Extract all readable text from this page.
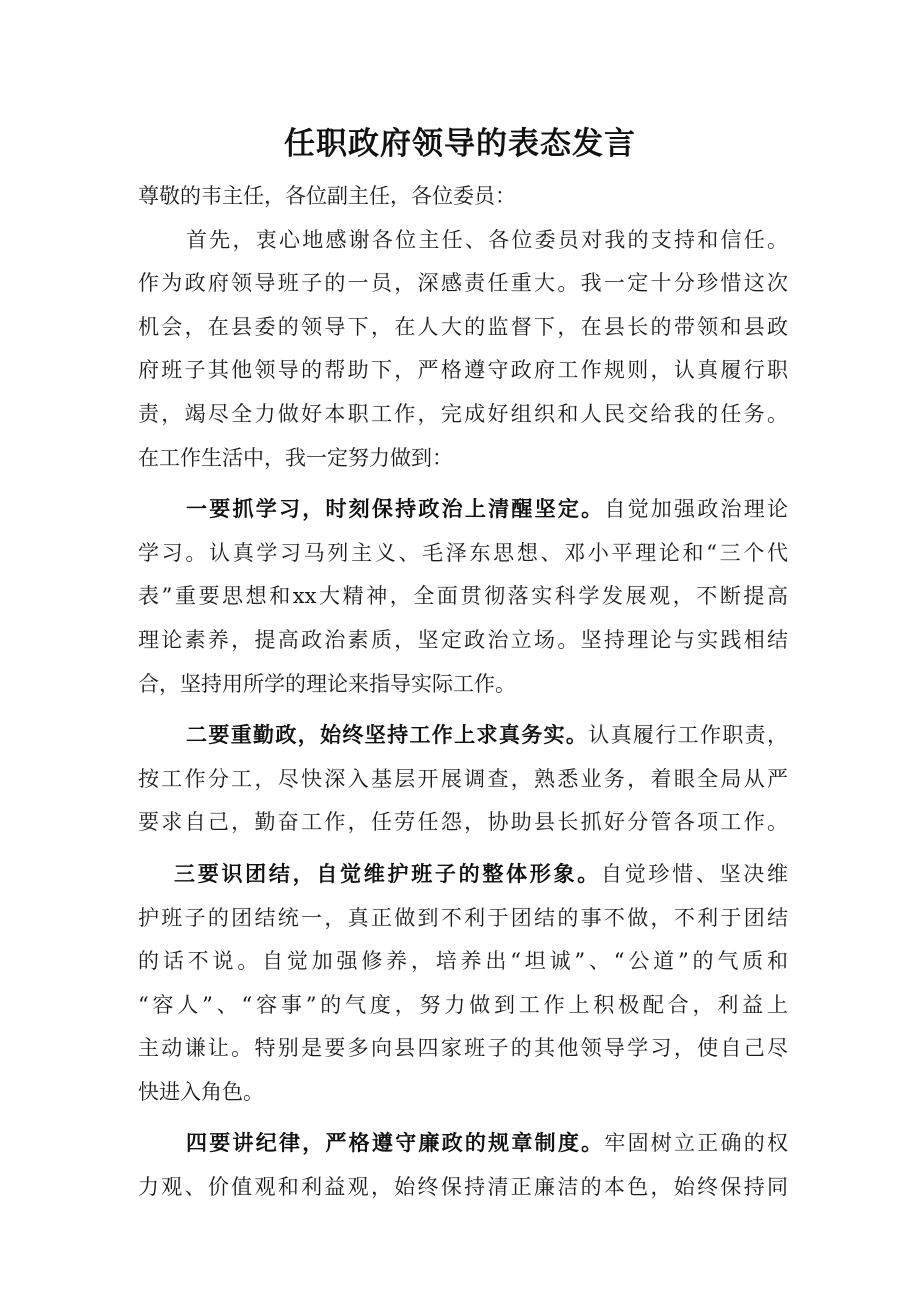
任职政府领导的表态发言
尊敬的韦主任，各位副主任，各位委员：
首先，衷心地感谢各位主任、各位委员对我的支持和信任。
作为政府领导班子的一员，深感责任重大。我一定十分珍惜这次
机会，在县委的领导下，在人大的监督下，在县长的带领和县政
府班子其他领导的帮助下，严格遵守政府工作规则，认真履行职
责，竭尽全力做好本职工作，完成好组织和人民交给我的任务。
在工作生活中，我一定努力做到：
一要抓学习，时刻保持政治上清醒坚定。自觉加强政治理论
学习。认真学习马列主义、毛泽东思想、邓小平理论和“三个代
表”重要思想和xx大精神，全面贯彻落实科学发展观，不断提高
理论素养，提高政治素质，坚定政治立场。坚持理论与实践相结
合，坚持用所学的理论来指导实际工作。
二要重勤政，始终坚持工作上求真务实。认真履行工作职责，
按工作分工，尽快深入基层开展调查，熟悉业务，着眼全局从严
要求自己，勤奋工作，任劳任怨，协助县长抓好分管各项工作。
三要识团结，自觉维护班子的整体形象。自觉珍惜、坚决维
护班子的团结统一，真正做到不利于团结的事不做，不利于团结
的话不说。自觉加强修养，培养出“坦诚”、“公道”的气质和
“容人”、“容事”的气度，努力做到工作上积极配合，利益上
主动谦让。特别是要多向县四家班子的其他领导学习，使自己尽
快进入角色。
四要讲纪律，严格遵守廉政的规章制度。牢固树立正确的权
力观、价值观和利益观，始终保持清正廉洁的本色，始终保持同
